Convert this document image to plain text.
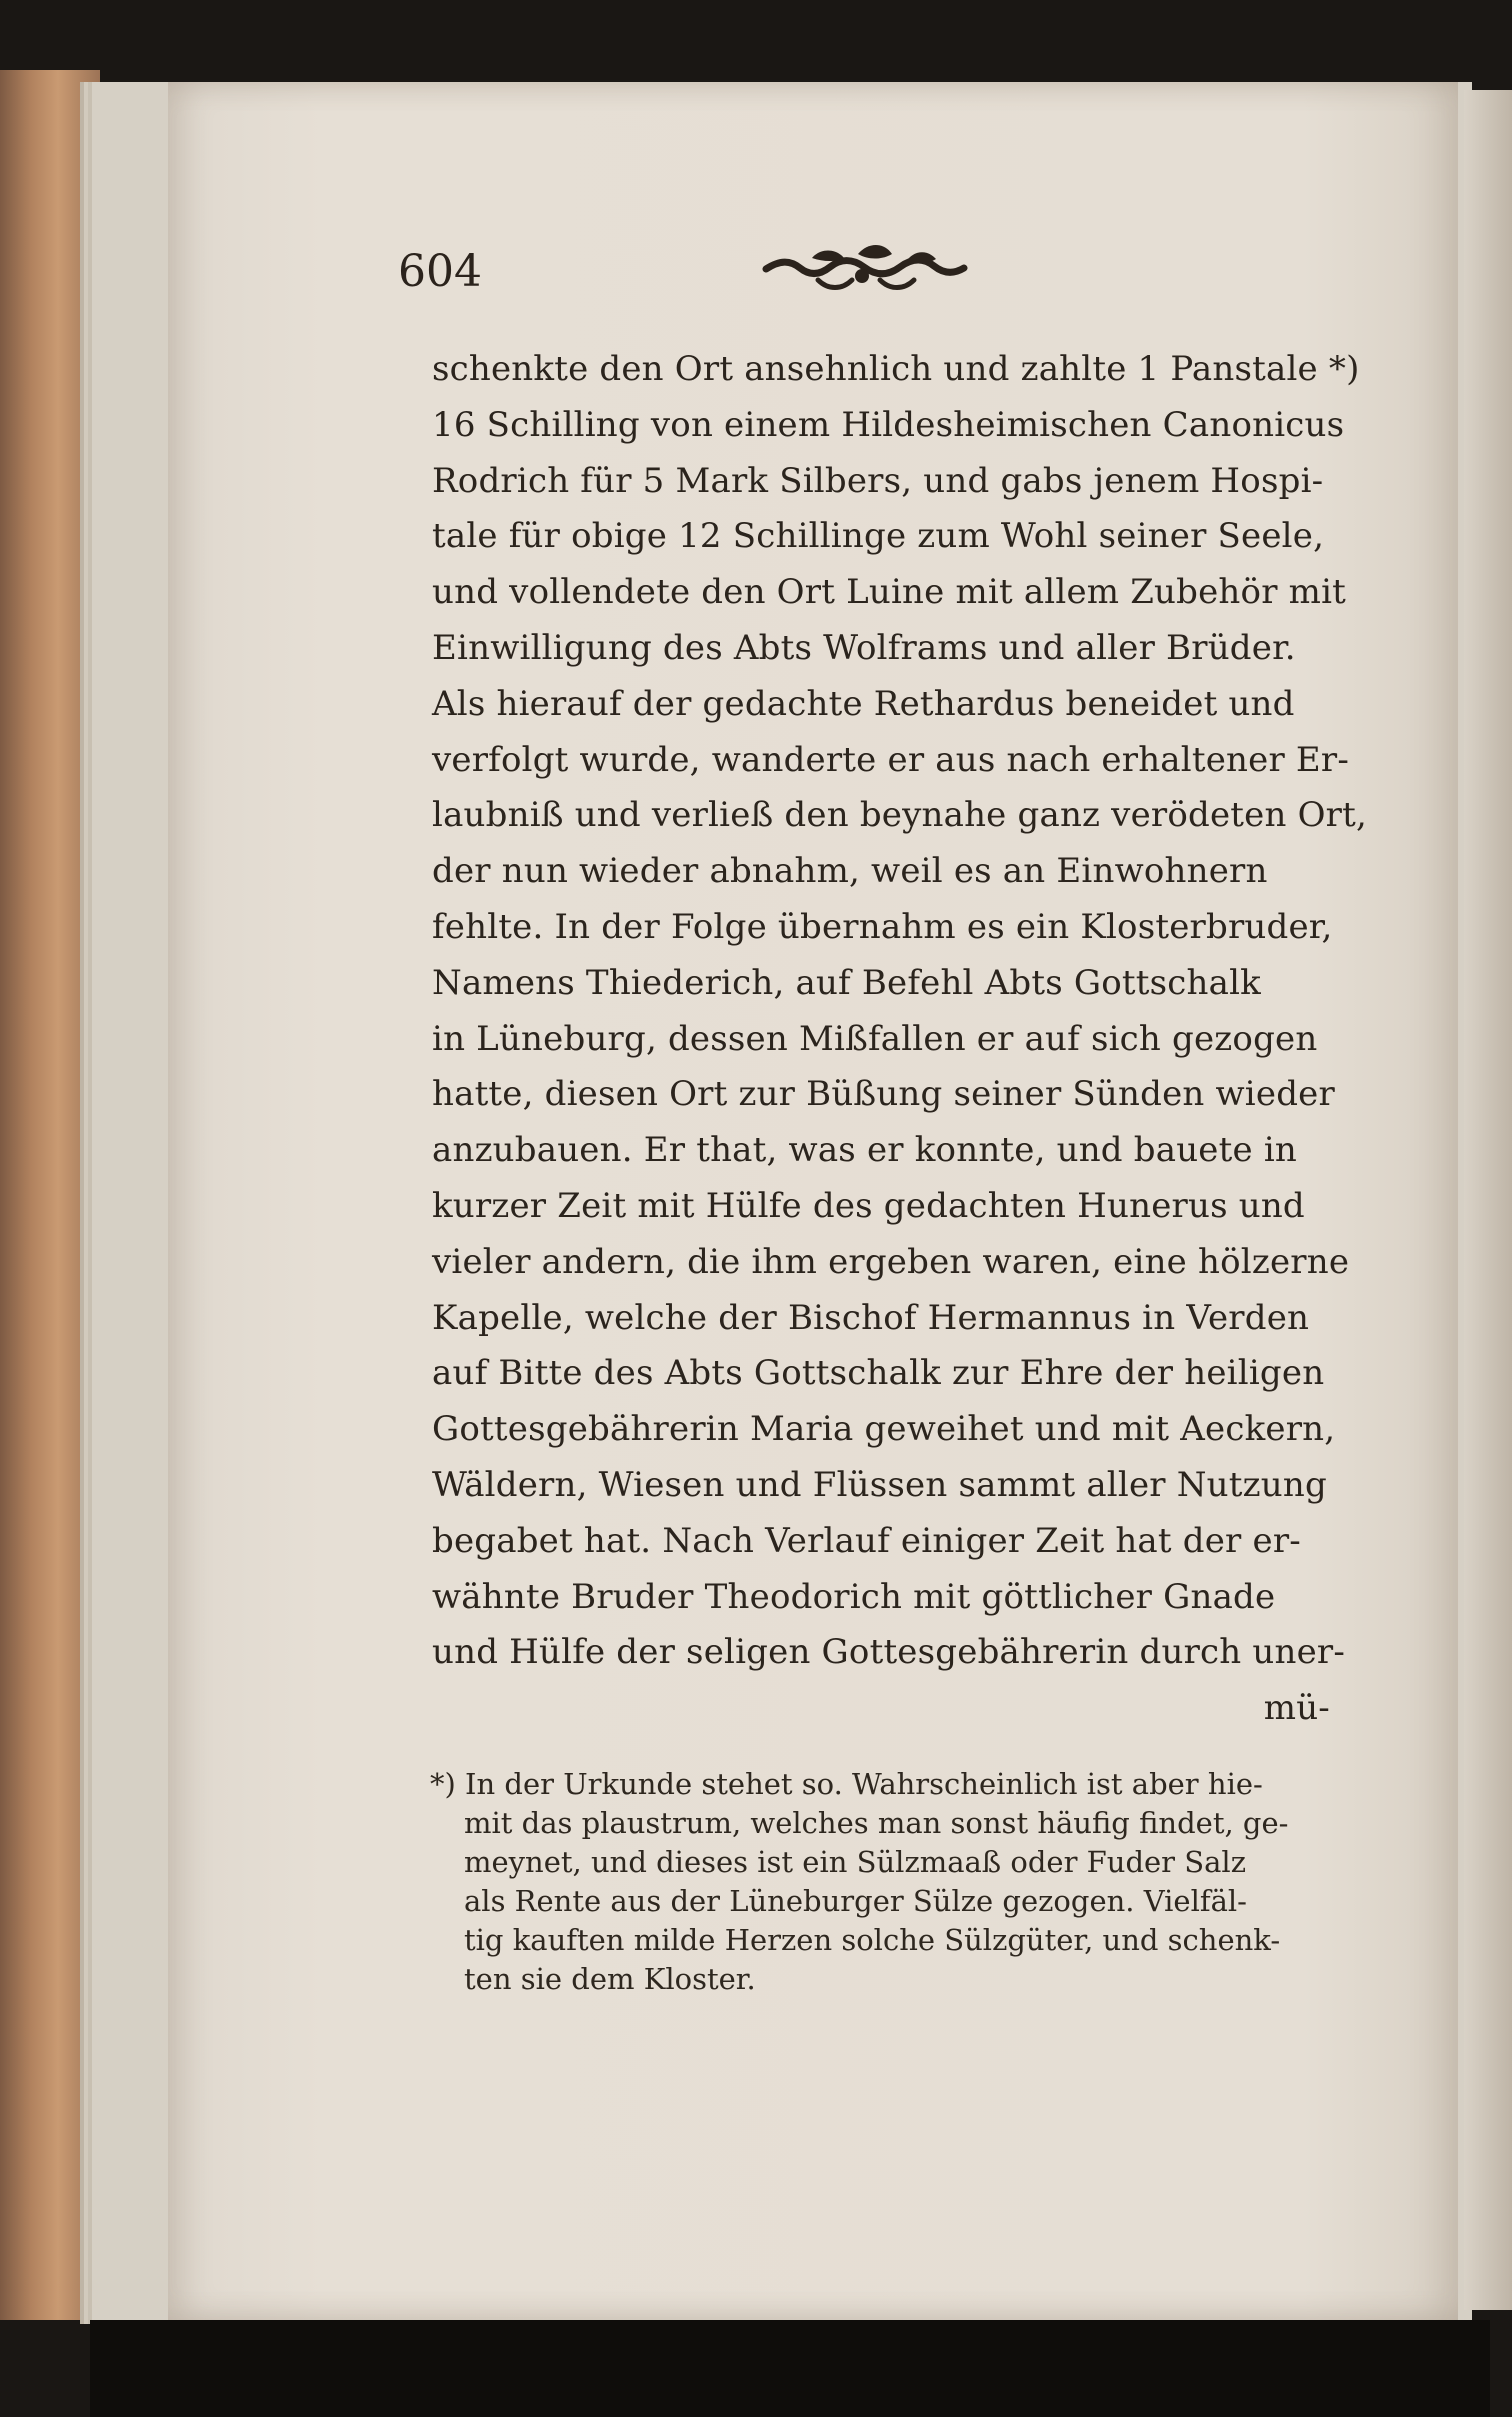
604
schenkte den Ort ansehnlich und zahlte 1 Panstale *)
16 Schilling von einem Hildesheimischen Canonicus
Rodrich für 5 Mark Silbers, und gabs jenem Hospi-
tale für obige 12 Schillinge zum Wohl seiner Seele,
und vollendete den Ort Luine mit allem Zubehör mit
Einwilligung des Abts Wolframs und aller Brüder.
Als hierauf der gedachte Rethardus beneidet und
verfolgt wurde, wanderte er aus nach erhaltener Er-
laubniß und verließ den beynahe ganz verödeten Ort,
der nun wieder abnahm, weil es an Einwohnern
fehlte. In der Folge übernahm es ein Klosterbruder,
Namens Thiederich, auf Befehl Abts Gottschalk
in Lüneburg, dessen Mißfallen er auf sich gezogen
hatte, diesen Ort zur Büßung seiner Sünden wieder
anzubauen. Er that, was er konnte, und bauete in
kurzer Zeit mit Hülfe des gedachten Hunerus und
vieler andern, die ihm ergeben waren, eine hölzerne
Kapelle, welche der Bischof Hermannus in Verden
auf Bitte des Abts Gottschalk zur Ehre der heiligen
Gottesgebährerin Maria geweihet und mit Aeckern,
Wäldern, Wiesen und Flüssen sammt aller Nutzung
begabet hat. Nach Verlauf einiger Zeit hat der er-
wähnte Bruder Theodorich mit göttlicher Gnade
und Hülfe der seligen Gottesgebährerin durch uner-
mü-
*) In der Urkunde stehet so. Wahrscheinlich ist aber hie-
mit das plaustrum, welches man sonst häufig findet, ge-
meynet, und dieses ist ein Sülzmaaß oder Fuder Salz
als Rente aus der Lüneburger Sülze gezogen. Vielfäl-
tig kauften milde Herzen solche Sülzgüter, und schenk-
ten sie dem Kloster.
